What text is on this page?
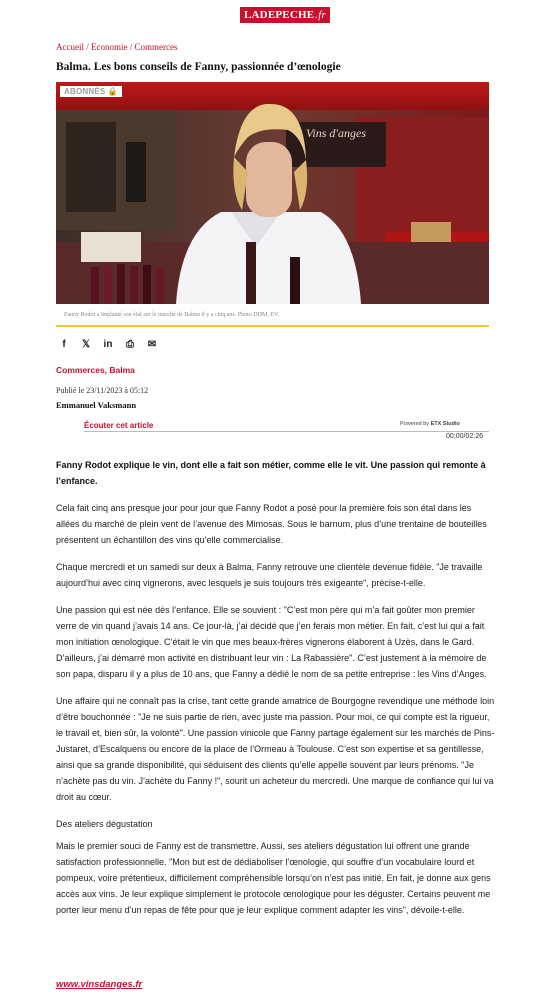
LADEPECHE.fr
Accueil / Economie / Commerces
Balma. Les bons conseils de Fanny, passionnée d’œnologie
Vins d'anges
ABONNÉS 🔒
Fanny Rodot a implanté son étal sur le marché de Balma il y a cinq ans. Photo DDM, EV.
f	𝕏 in ⎙ ✉
Commerces, Balma
Publié le 23/11/2023 à 05:12
Emmanuel Vaksmann
Écouter cet article	Powered by ETX Studio
00:00/02:26

Fanny Rodot explique le vin, dont elle a fait son métier, comme elle le vit. Une passion qui remonte à l’enfance.

Cela fait cinq ans presque jour pour jour que Fanny Rodot a posé pour la première fois son étal dans les allées du marché de plein vent de l’avenue des Mimosas. Sous le barnum, plus d’une trentaine de bouteilles présentent un échantillon des vins qu’elle commercialise.

Chaque mercredi et un samedi sur deux à Balma, Fanny retrouve une clientèle devenue fidèle. "Je travaille aujourd’hui avec cinq vignerons, avec lesquels je suis toujours très exigeante", précise-t-elle.

Une passion qui est née dès l’enfance. Elle se souvient : "C’est mon père qui m’a fait goûter mon premier verre de vin quand j’avais 14 ans. Ce jour-là, j’ai décidé que j’en ferais mon métier. En fait, c’est lui qui a fait mon initiation œnologique. C’était le vin que mes beaux-frères vignerons élaborent à Uzès, dans le Gard. D’ailleurs, j’ai démarré mon activité en distribuant leur vin : La Rabassière". C’est justement à la mémoire de son papa, disparu il y a plus de 10 ans, que Fanny a dédié le nom de sa petite entreprise : les Vins d’Anges.

Une affaire qui ne connaît pas la crise, tant cette grande amatrice de Bourgogne revendique une méthode loin d’être bouchonnée : "Je ne suis partie de rien, avec juste ma passion. Pour moi, ce qui compte est la rigueur, le travail et, bien sûr, la volonté". Une passion vinicole que Fanny partage également sur les marchés de Pins-Justaret, d’Escalquens ou encore de la place de l’Ormeau à Toulouse. C’est son expertise et sa gentillesse, ainsi que sa grande disponibilité, qui séduisent des clients qu’elle appelle souvent par leurs prénoms. "Je n’achète pas du vin. J’achète du Fanny !", sourit un acheteur du mercredi. Une marque de confiance qui lui va droit au cœur.

Des ateliers dégustation

Mais le premier souci de Fanny est de transmettre. Aussi, ses ateliers dégustation lui offrent une grande satisfaction professionnelle. "Mon but est de dédiaboliser l’œnologie, qui souffre d’un vocabulaire lourd et pompeux, voire prétentieux, difficilement compréhensible lorsqu’on n’est pas initié. En fait, je donne aux gens accès aux vins. Je leur explique simplement le protocole œnologique pour les déguster. Certains peuvent me porter leur menu d’un repas de fête pour que je leur explique comment adapter les vins", dévoile-t-elle.

www.vinsdanges.fr
